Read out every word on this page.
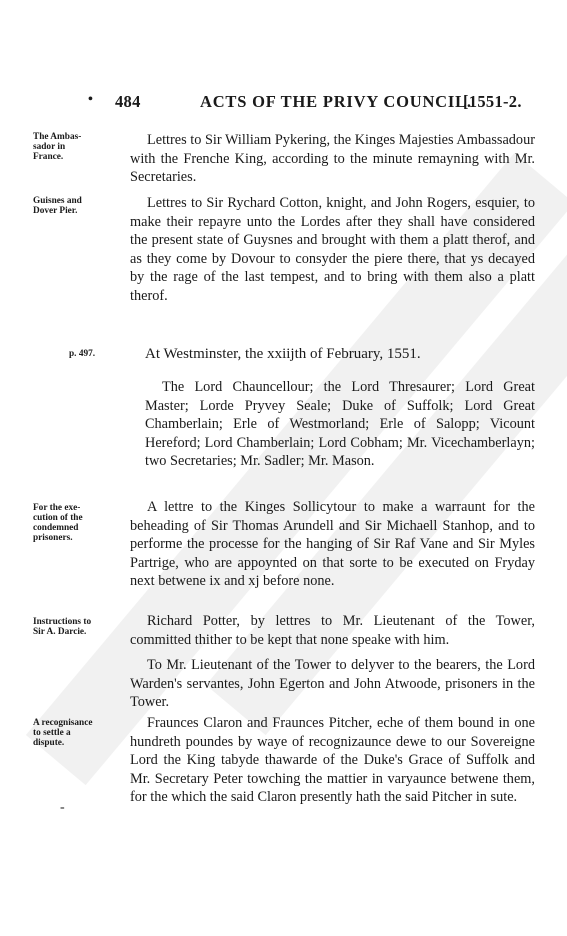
484	ACTS OF THE PRIVY COUNCIL.
[1551-2.
•
The Ambas-
sador in
France.
Lettres to Sir William Pykering, the Kinges Majesties Ambassadour with the Frenche King, according to the minute remayning with Mr. Secretaries.
Guisnes and
Dover Pier.	Lettres to Sir Rychard Cotton, knight, and John Rogers, esquier, to make their repayre unto the Lordes after they shall have considered the present state of Guysnes and brought with them a platt therof, and as they come by Dovour to consyder the piere there, that ys decayed by the rage of the last tempest, and to bring with them also a platt therof.
p. 497.	At Westminster, the xxiijth of February, 1551.
The Lord Chauncellour; the Lord Thresaurer; Lord Great Master; Lorde Pryvey Seale; Duke of Suffolk; Lord Great Chamberlain; Erle of Westmorland; Erle of Salopp; Vicount Hereford; Lord Chamberlain; Lord Cobham; Mr. Vicechamberlayn; two Secretaries; Mr. Sadler; Mr. Mason.
For the exe-
cution of the
condemned
prisoners.
A lettre to the Kinges Sollicytour to make a warraunt for the beheading of Sir Thomas Arundell and Sir Michaell Stanhop, and to performe the processe for the hanging of Sir Raf Vane and Sir Myles Partrige, who are appoynted on that sorte to be executed on Fryday next betwene ix and xj before none.
Instructions to
Sir A. Darcie.
Richard Potter, by lettres to Mr. Lieutenant of the Tower, committed thither to be kept that none speake with him.
To Mr. Lieutenant of the Tower to delyver to the bearers, the Lord Warden's servantes, John Egerton and John Atwoode, prisoners in the Tower.
A recognisance
to settle a
dispute.
Fraunces Claron and Fraunces Pitcher, eche of them bound in one hundreth poundes by waye of recognizaunce dewe to our Sovereigne Lord the King tabyde thawarde of the Duke's Grace of Suffolk and Mr. Secretary Peter towching the mattier in varyaunce betwene them, for the which the said Claron presently hath the said Pitcher in sute.
-
